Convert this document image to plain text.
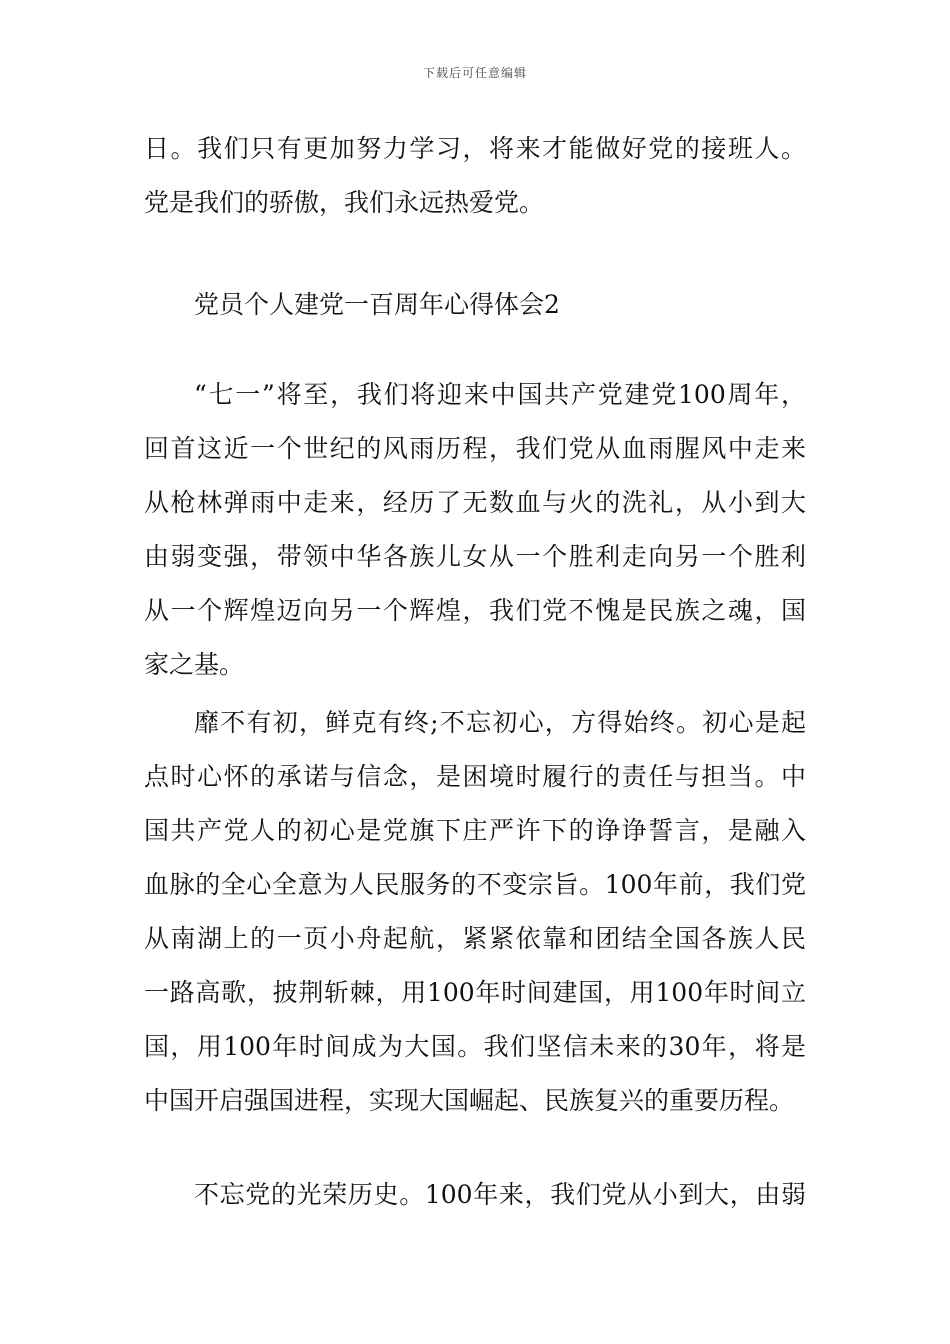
下载后可任意编辑
日。我们只有更加努力学习，将来才能做好党的接班人。
党是我们的骄傲，我们永远热爱党。
党员个人建党一百周年心得体会2
“七一”将至，我们将迎来中国共产党建党100周年，
回首这近一个世纪的风雨历程，我们党从血雨腥风中走来
从枪林弹雨中走来，经历了无数血与火的洗礼，从小到大
由弱变强，带领中华各族儿女从一个胜利走向另一个胜利
从一个辉煌迈向另一个辉煌，我们党不愧是民族之魂，国
家之基。
靡不有初，鲜克有终;不忘初心，方得始终。初心是起
点时心怀的承诺与信念，是困境时履行的责任与担当。中
国共产党人的初心是党旗下庄严许下的诤诤誓言，是融入
血脉的全心全意为人民服务的不变宗旨。100年前，我们党
从南湖上的一页小舟起航，紧紧依靠和团结全国各族人民
一路高歌，披荆斩棘，用100年时间建国，用100年时间立
国，用100年时间成为大国。我们坚信未来的30年，将是
中国开启强国进程，实现大国崛起、民族复兴的重要历程。
不忘党的光荣历史。100年来，我们党从小到大，由弱
